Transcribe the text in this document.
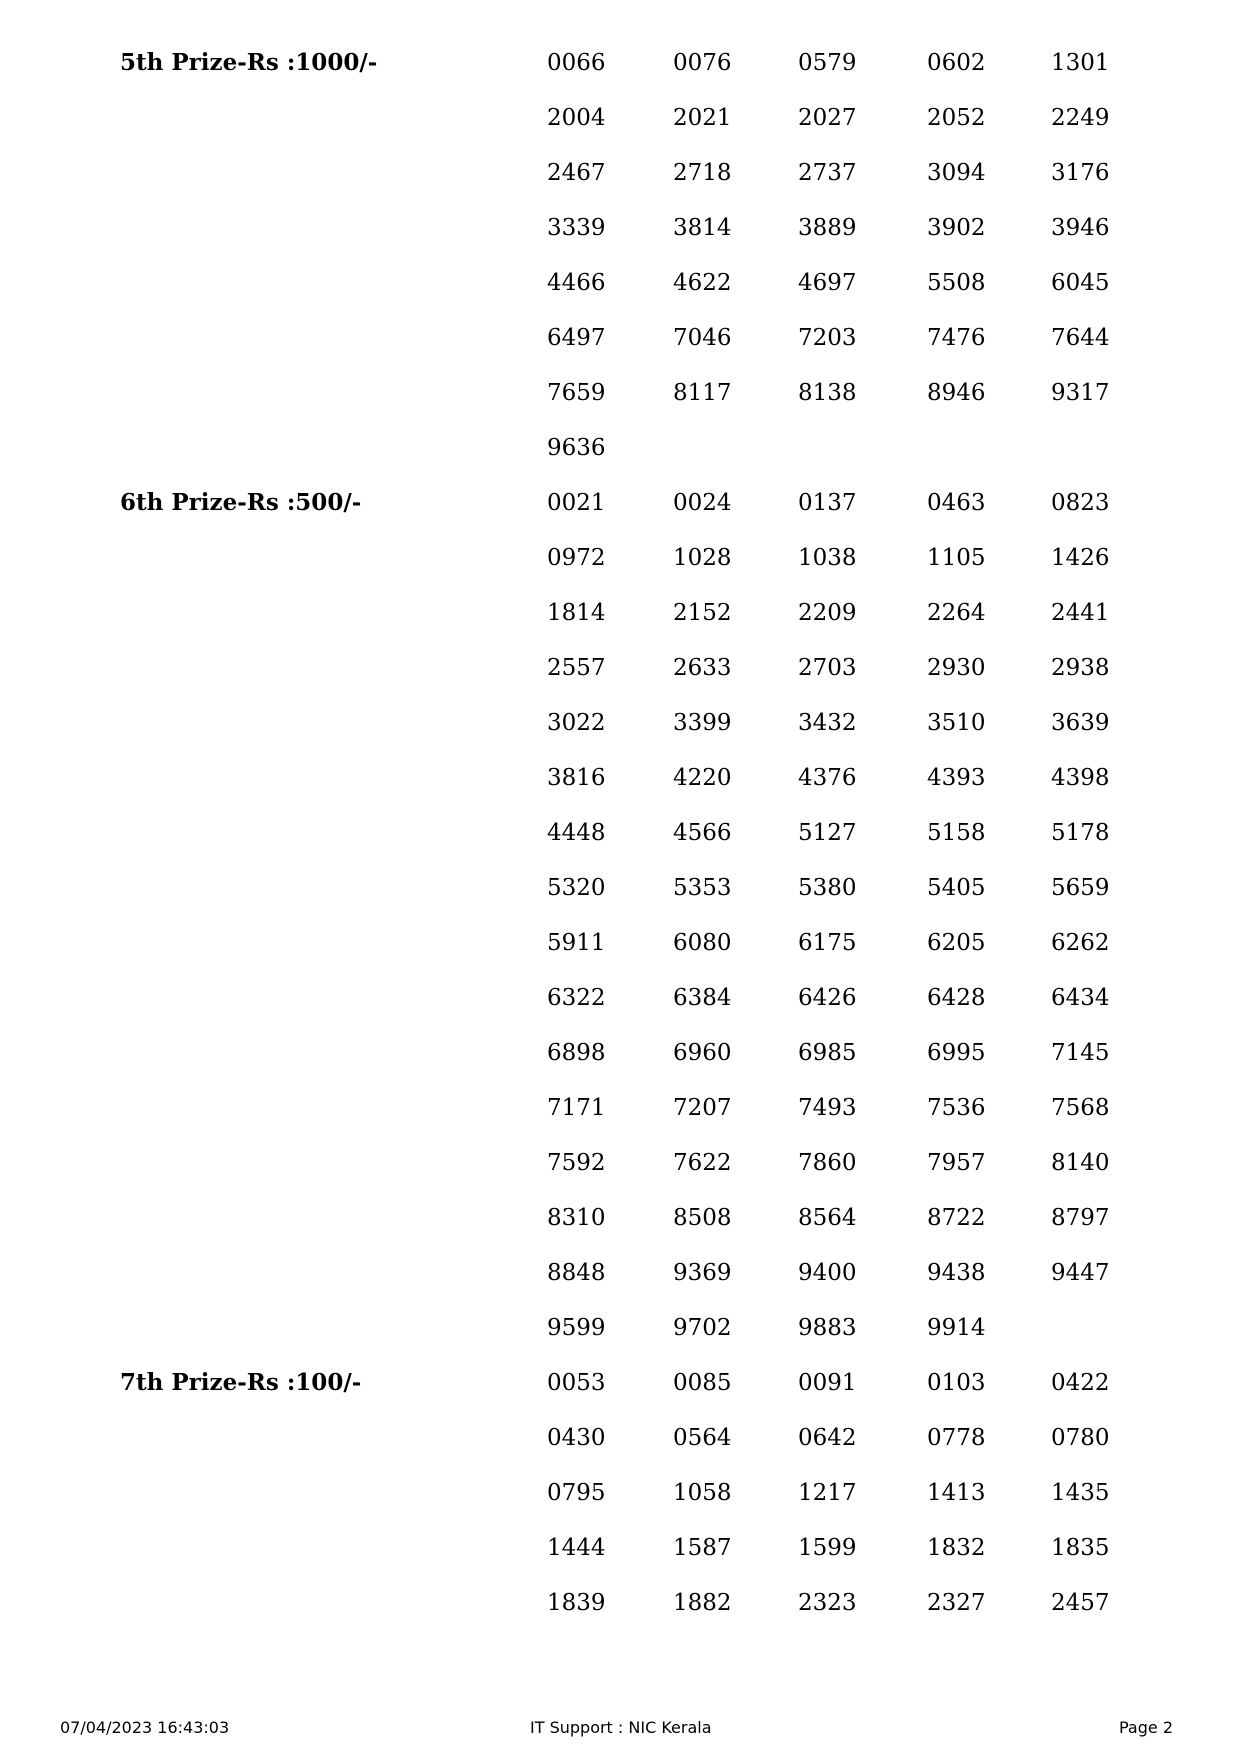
5th Prize-Rs :1000/-	0066	0076	0579	0602	1301
2004	2021	2027	2052	2249
2467	2718	2737	3094	3176
3339	3814	3889	3902	3946
4466	4622	4697	5508	6045
6497	7046	7203	7476	7644
7659	8117	8138	8946	9317
9636
6th Prize-Rs :500/-	0021	0024	0137	0463	0823
0972	1028	1038	1105	1426
1814	2152	2209	2264	2441
2557	2633	2703	2930	2938
3022	3399	3432	3510	3639
3816	4220	4376	4393	4398
4448	4566	5127	5158	5178
5320	5353	5380	5405	5659
5911	6080	6175	6205	6262
6322	6384	6426	6428	6434
6898	6960	6985	6995	7145
7171	7207	7493	7536	7568
7592	7622	7860	7957	8140
8310	8508	8564	8722	8797
8848	9369	9400	9438	9447
9599	9702	9883	9914
7th Prize-Rs :100/-	0053	0085	0091	0103	0422
0430	0564	0642	0778	0780
0795	1058	1217	1413	1435
1444	1587	1599	1832	1835
1839	1882	2323	2327	2457
07/04/2023 16:43:03	IT Support : NIC Kerala	Page 2
